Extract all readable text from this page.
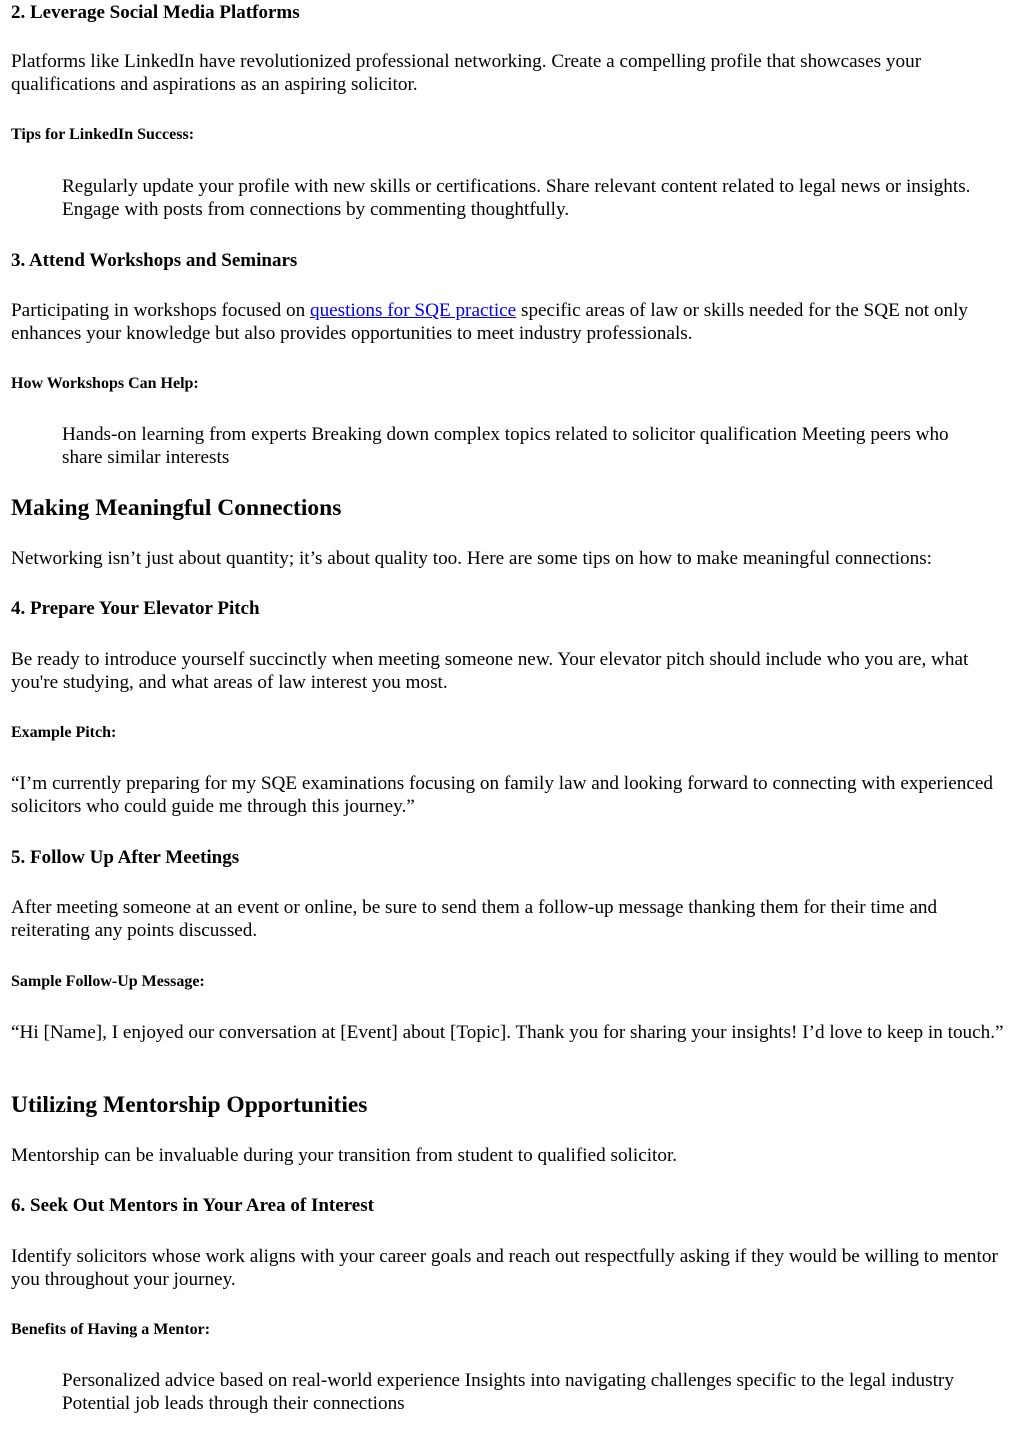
2. Leverage Social Media Platforms

Platforms like LinkedIn have revolutionized professional networking. Create a compelling profile that showcases your qualifications and aspirations as an aspiring solicitor.

Tips for LinkedIn Success:
Regularly update your profile with new skills or certifications. Share relevant content related to legal news or insights. Engage with posts from connections by commenting thoughtfully.
3. Attend Workshops and Seminars

Participating in workshops focused on questions for SQE practice specific areas of law or skills needed for the SQE not only enhances your knowledge but also provides opportunities to meet industry professionals.

How Workshops Can Help:
Hands-on learning from experts Breaking down complex topics related to solicitor qualification Meeting peers who share similar interests
Making Meaningful Connections

Networking isn’t just about quantity; it’s about quality too. Here are some tips on how to make meaningful connections:

4. Prepare Your Elevator Pitch

Be ready to introduce yourself succinctly when meeting someone new. Your elevator pitch should include who you are, what you're studying, and what areas of law interest you most.

Example Pitch:

“I’m currently preparing for my SQE examinations focusing on family law and looking forward to connecting with experienced solicitors who could guide me through this journey.”

5. Follow Up After Meetings

After meeting someone at an event or online, be sure to send them a follow-up message thanking them for their time and reiterating any points discussed.

Sample Follow-Up Message:

“Hi [Name], I enjoyed our conversation at [Event] about [Topic]. Thank you for sharing your insights! I’d love to keep in touch.”

Utilizing Mentorship Opportunities

Mentorship can be invaluable during your transition from student to qualified solicitor.

6. Seek Out Mentors in Your Area of Interest

Identify solicitors whose work aligns with your career goals and reach out respectfully asking if they would be willing to mentor you throughout your journey.

Benefits of Having a Mentor:
Personalized advice based on real-world experience Insights into navigating challenges specific to the legal industry Potential job leads through their connections
